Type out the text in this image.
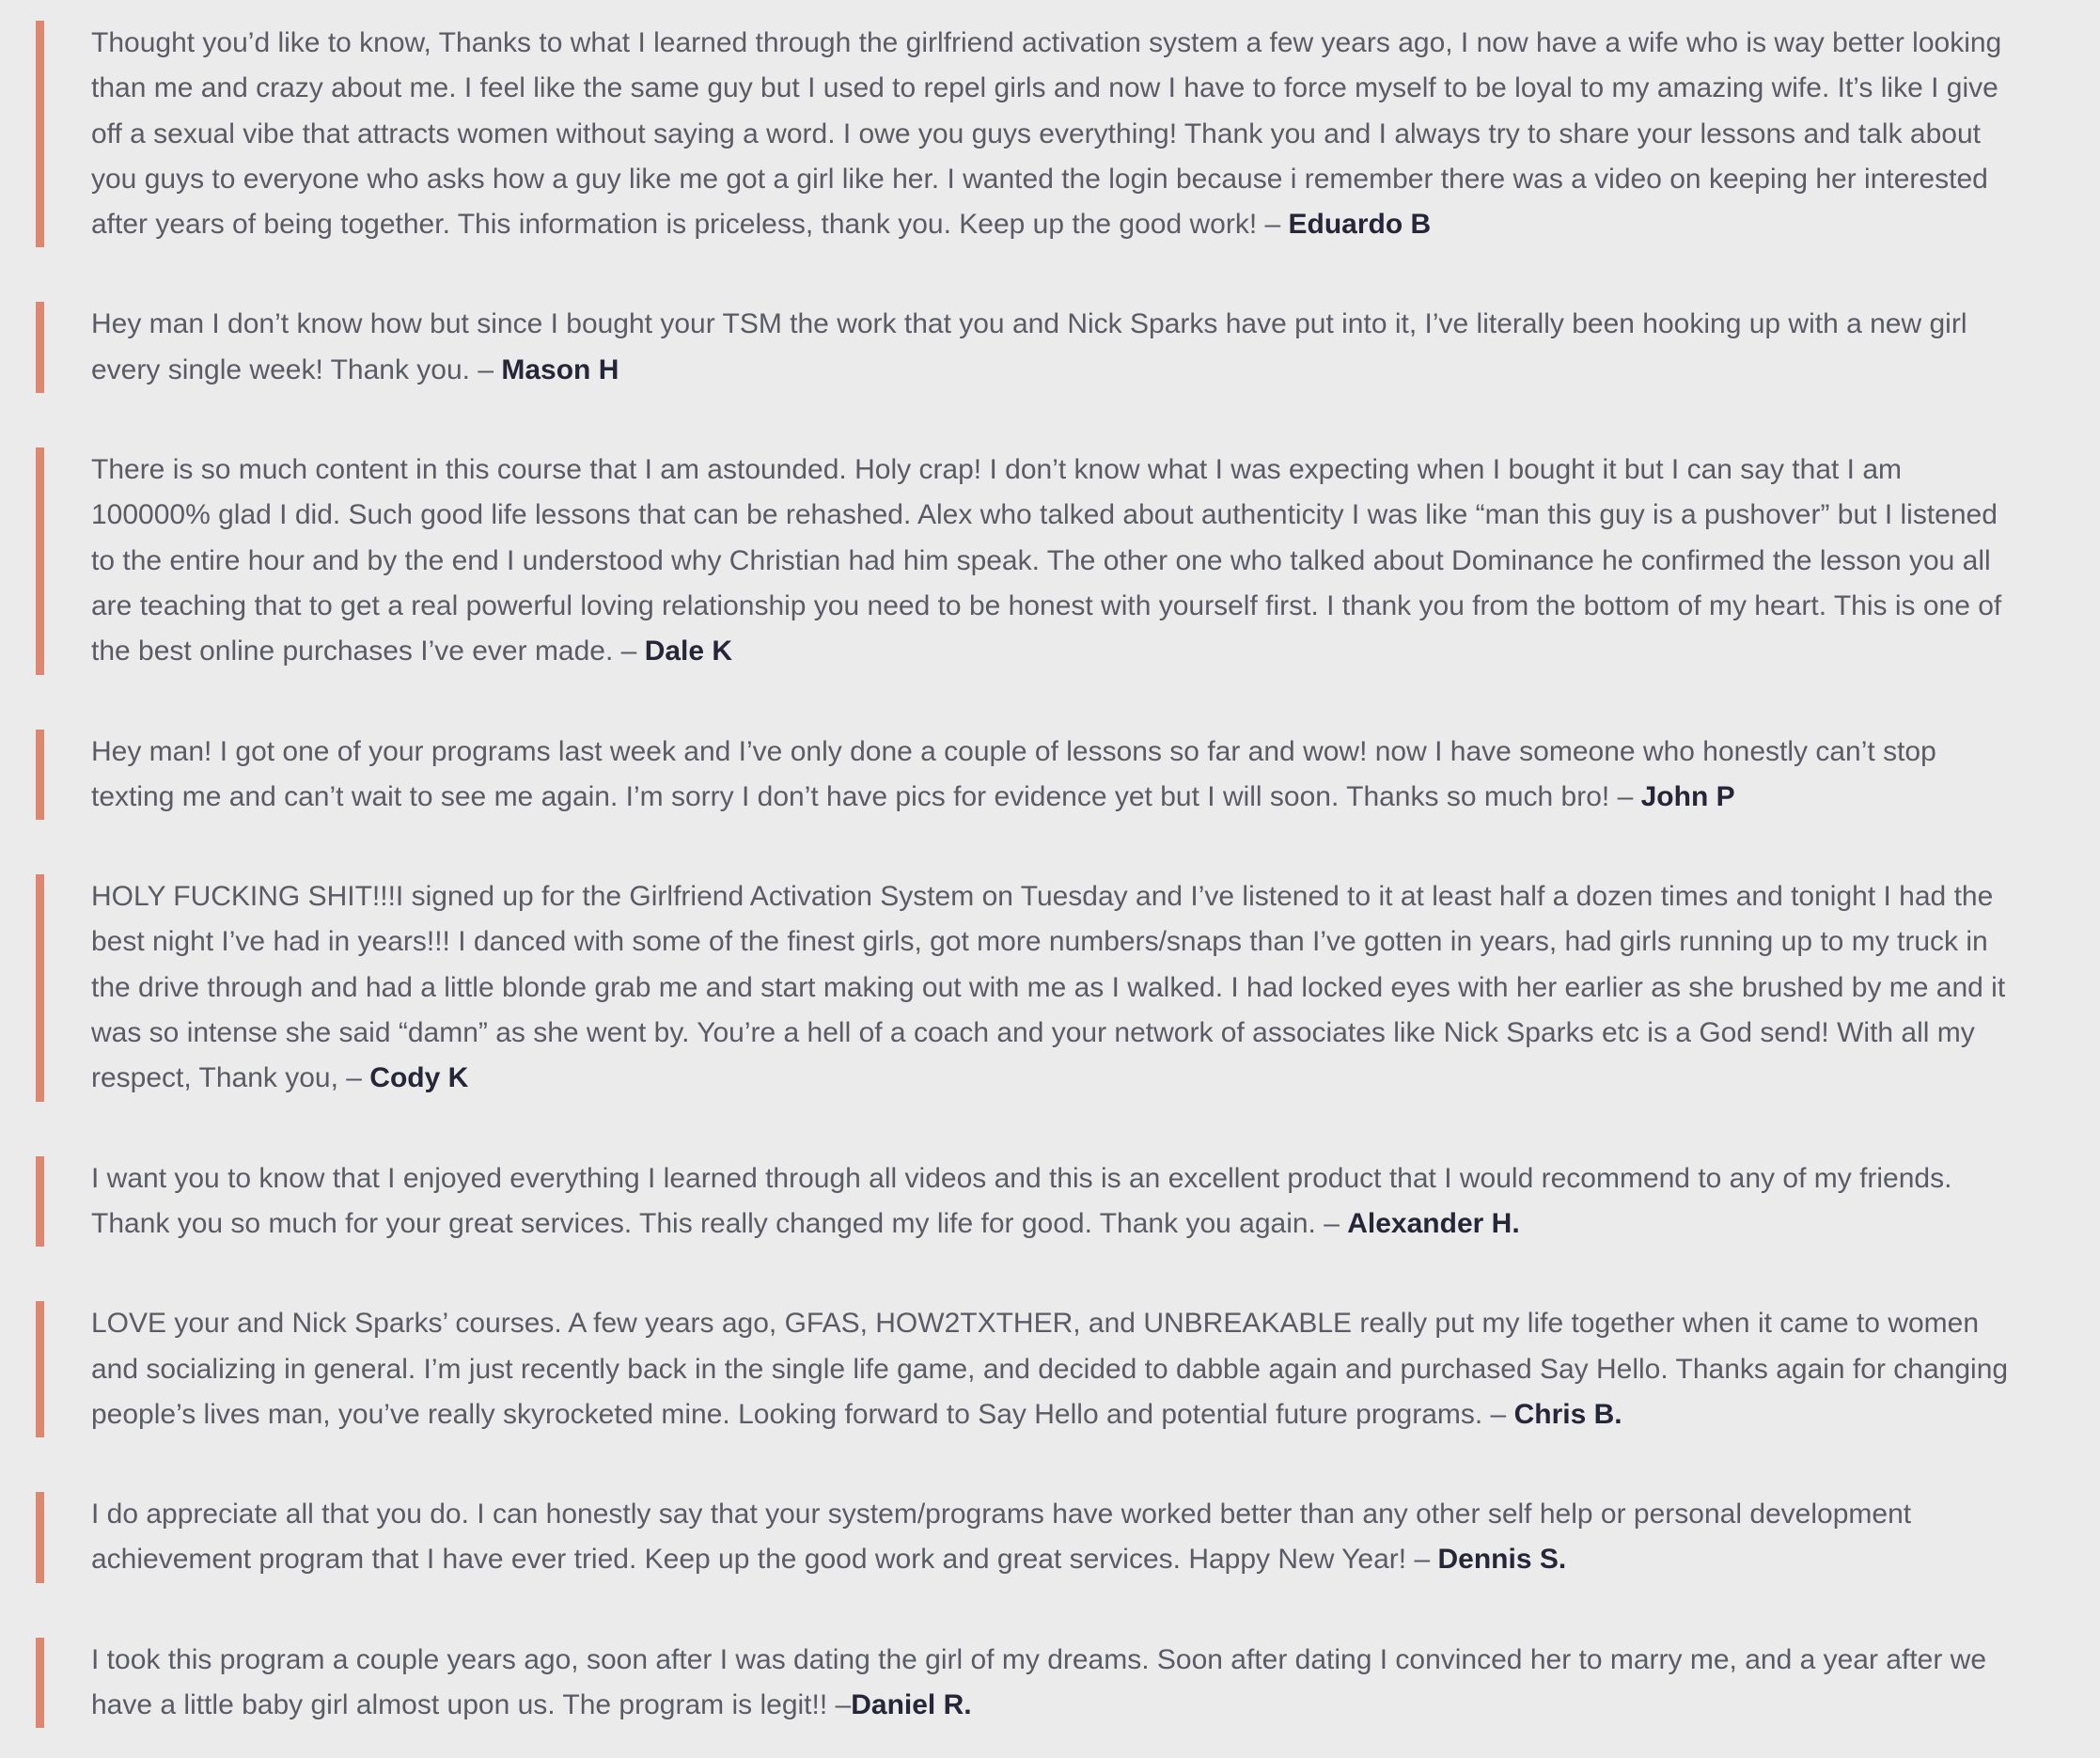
Thought you’d like to know, Thanks to what I learned through the girlfriend activation system a few years ago, I now have a wife who is way better looking than me and crazy about me. I feel like the same guy but I used to repel girls and now I have to force myself to be loyal to my amazing wife. It’s like I give off a sexual vibe that attracts women without saying a word. I owe you guys everything! Thank you and I always try to share your lessons and talk about you guys to everyone who asks how a guy like me got a girl like her. I wanted the login because i remember there was a video on keeping her interested after years of being together. This information is priceless, thank you. Keep up the good work! – Eduardo B
Hey man I don’t know how but since I bought your TSM the work that you and Nick Sparks have put into it, I’ve literally been hooking up with a new girl every single week! Thank you. – Mason H
There is so much content in this course that I am astounded. Holy crap! I don’t know what I was expecting when I bought it but I can say that I am 100000% glad I did. Such good life lessons that can be rehashed. Alex who talked about authenticity I was like “man this guy is a pushover” but I listened to the entire hour and by the end I understood why Christian had him speak. The other one who talked about Dominance he confirmed the lesson you all are teaching that to get a real powerful loving relationship you need to be honest with yourself first. I thank you from the bottom of my heart. This is one of the best online purchases I’ve ever made. – Dale K
Hey man! I got one of your programs last week and I’ve only done a couple of lessons so far and wow! now I have someone who honestly can’t stop texting me and can’t wait to see me again. I’m sorry I don’t have pics for evidence yet but I will soon. Thanks so much bro! – John P
HOLY FUCKING SHIT!!!I signed up for the Girlfriend Activation System on Tuesday and I’ve listened to it at least half a dozen times and tonight I had the best night I’ve had in years!!! I danced with some of the finest girls, got more numbers/snaps than I’ve gotten in years, had girls running up to my truck in the drive through and had a little blonde grab me and start making out with me as I walked. I had locked eyes with her earlier as she brushed by me and it was so intense she said “damn” as she went by. You’re a hell of a coach and your network of associates like Nick Sparks etc is a God send! With all my respect, Thank you, – Cody K
I want you to know that I enjoyed everything I learned through all videos and this is an excellent product that I would recommend to any of my friends. Thank you so much for your great services. This really changed my life for good. Thank you again. – Alexander H.
LOVE your and Nick Sparks’ courses. A few years ago, GFAS, HOW2TXTHER, and UNBREAKABLE really put my life together when it came to women and socializing in general. I’m just recently back in the single life game, and decided to dabble again and purchased Say Hello. Thanks again for changing people’s lives man, you’ve really skyrocketed mine. Looking forward to Say Hello and potential future programs. – Chris B.
I do appreciate all that you do. I can honestly say that your system/programs have worked better than any other self help or personal development achievement program that I have ever tried. Keep up the good work and great services. Happy New Year! – Dennis S.
I took this program a couple years ago, soon after I was dating the girl of my dreams. Soon after dating I convinced her to marry me, and a year after we have a little baby girl almost upon us. The program is legit!! –Daniel R.
